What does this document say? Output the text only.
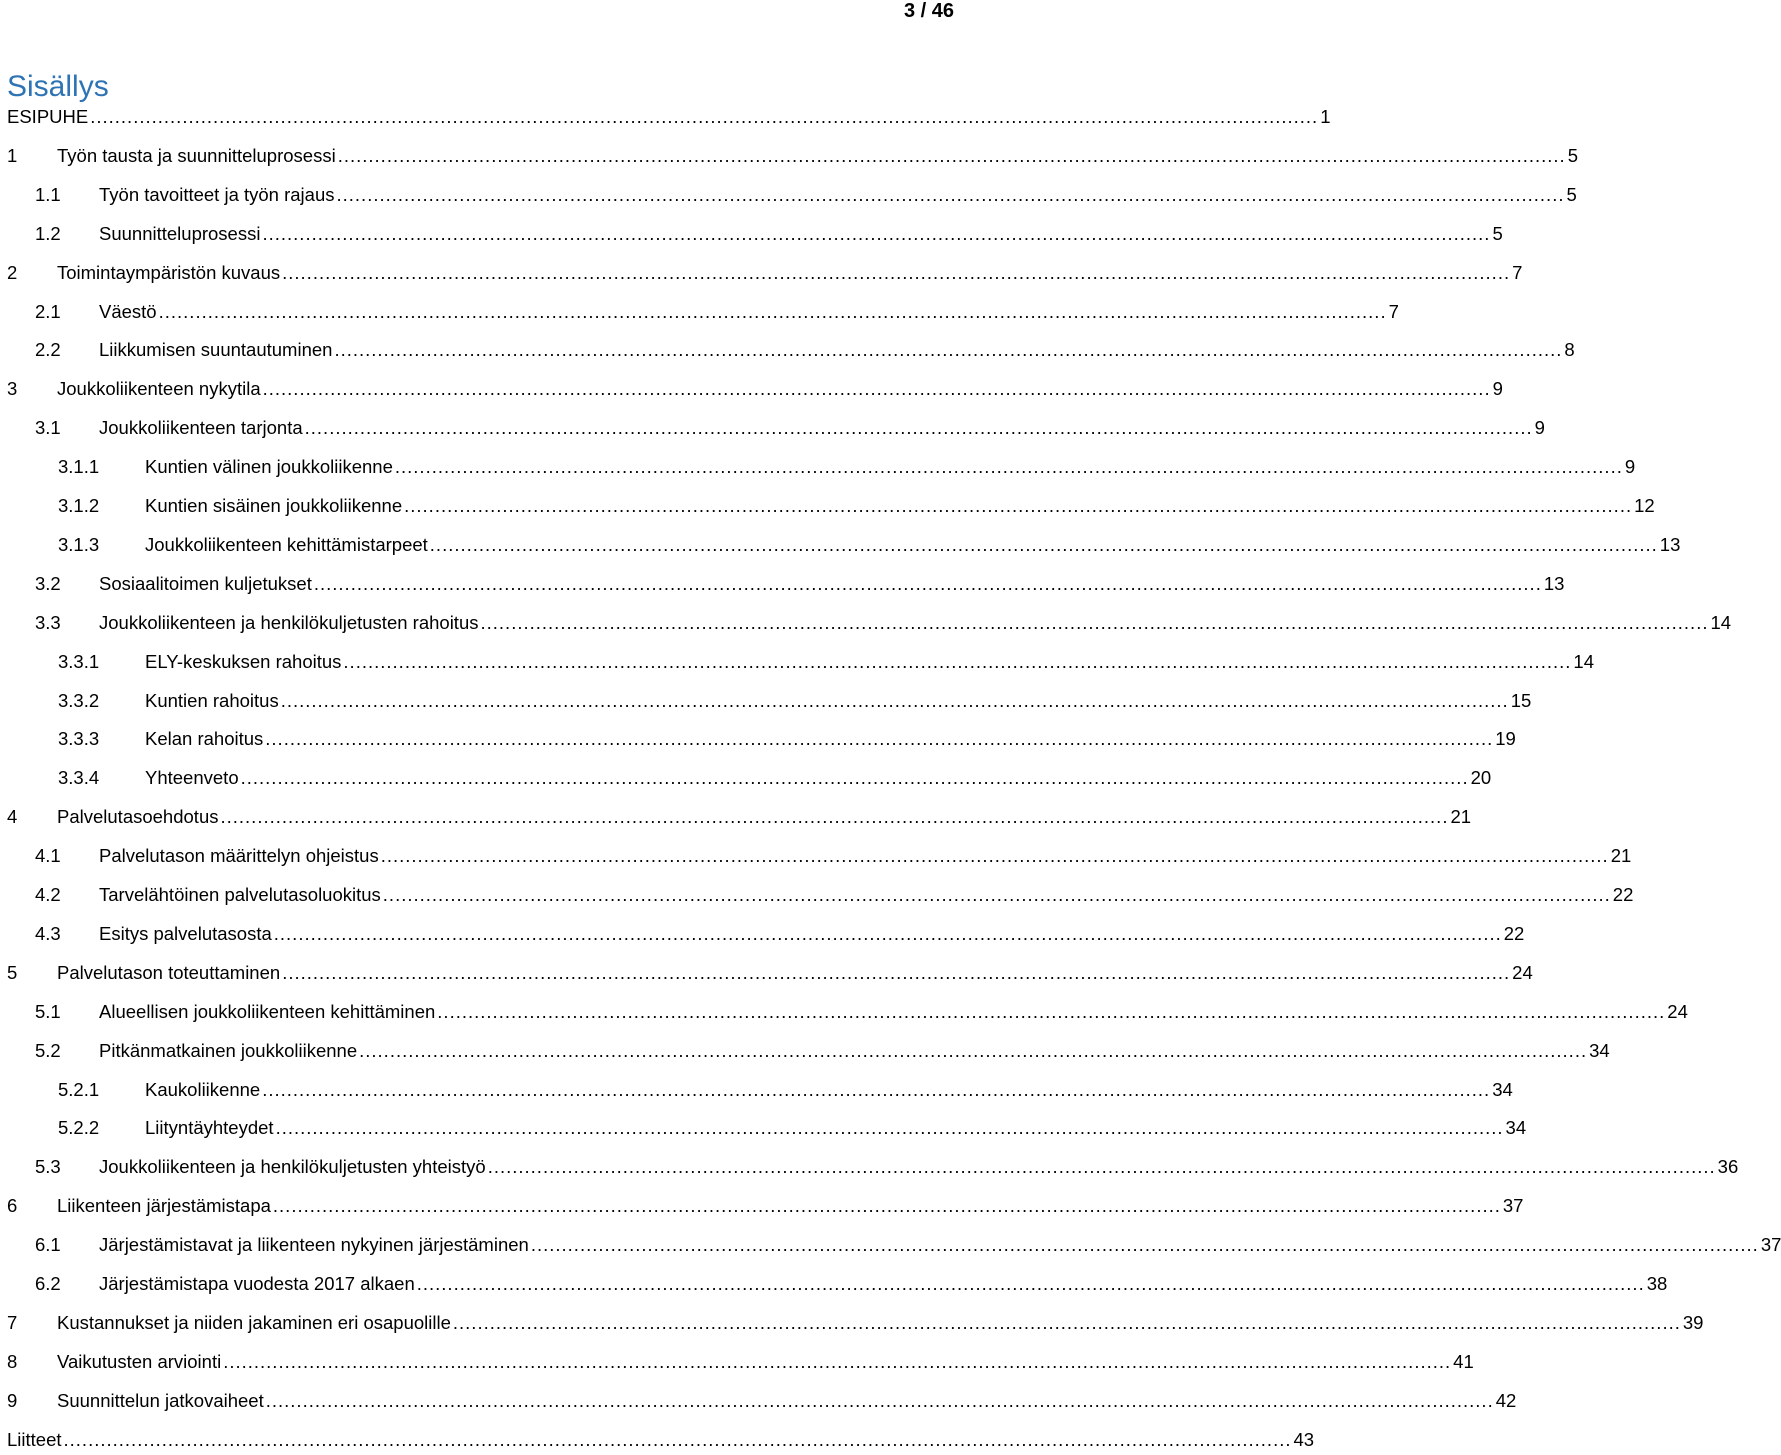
3 / 46
Sisällys
ESIPUHE ........................................................................................................................................................................................................ 1
1 Työn tausta ja suunnitteluprosessi ........................................................................................................................................................................................................ 5
1.1 Työn tavoitteet ja työn rajaus ........................................................................................................................................................................................................ 5
1.2 Suunnitteluprosessi ........................................................................................................................................................................................................ 5
2 Toimintaympäristön kuvaus ........................................................................................................................................................................................................ 7
2.1 Väestö ........................................................................................................................................................................................................ 7
2.2 Liikkumisen suuntautuminen ........................................................................................................................................................................................................ 8
3 Joukkoliikenteen nykytila ........................................................................................................................................................................................................ 9
3.1 Joukkoliikenteen tarjonta ........................................................................................................................................................................................................ 9
3.1.1 Kuntien välinen joukkoliikenne ........................................................................................................................................................................................................ 9
3.1.2 Kuntien sisäinen joukkoliikenne ........................................................................................................................................................................................................ 12
3.1.3 Joukkoliikenteen kehittämistarpeet ........................................................................................................................................................................................................ 13
3.2 Sosiaalitoimen kuljetukset ........................................................................................................................................................................................................ 13
3.3 Joukkoliikenteen ja henkilökuljetusten rahoitus ........................................................................................................................................................................................................ 14
3.3.1 ELY-keskuksen rahoitus ........................................................................................................................................................................................................ 14
3.3.2 Kuntien rahoitus ........................................................................................................................................................................................................ 15
3.3.3 Kelan rahoitus ........................................................................................................................................................................................................ 19
3.3.4 Yhteenveto ........................................................................................................................................................................................................ 20
4 Palvelutasoehdotus ........................................................................................................................................................................................................ 21
4.1 Palvelutason määrittelyn ohjeistus ........................................................................................................................................................................................................ 21
4.2 Tarvelähtöinen palvelutasoluokitus ........................................................................................................................................................................................................ 22
4.3 Esitys palvelutasosta ........................................................................................................................................................................................................ 22
5 Palvelutason toteuttaminen ........................................................................................................................................................................................................ 24
5.1 Alueellisen joukkoliikenteen kehittäminen ........................................................................................................................................................................................................ 24
5.2 Pitkänmatkainen joukkoliikenne ........................................................................................................................................................................................................ 34
5.2.1 Kaukoliikenne ........................................................................................................................................................................................................ 34
5.2.2 Liityntäyhteydet ........................................................................................................................................................................................................ 34
5.3 Joukkoliikenteen ja henkilökuljetusten yhteistyö ........................................................................................................................................................................................................ 36
6 Liikenteen järjestämistapa ........................................................................................................................................................................................................ 37
6.1 Järjestämistavat ja liikenteen nykyinen järjestäminen ........................................................................................................................................................................................................ 37
6.2 Järjestämistapa vuodesta 2017 alkaen ........................................................................................................................................................................................................ 38
7 Kustannukset ja niiden jakaminen eri osapuolille ........................................................................................................................................................................................................ 39
8 Vaikutusten arviointi ........................................................................................................................................................................................................ 41
9 Suunnittelun jatkovaiheet ........................................................................................................................................................................................................ 42
Liitteet ........................................................................................................................................................................................................ 43
